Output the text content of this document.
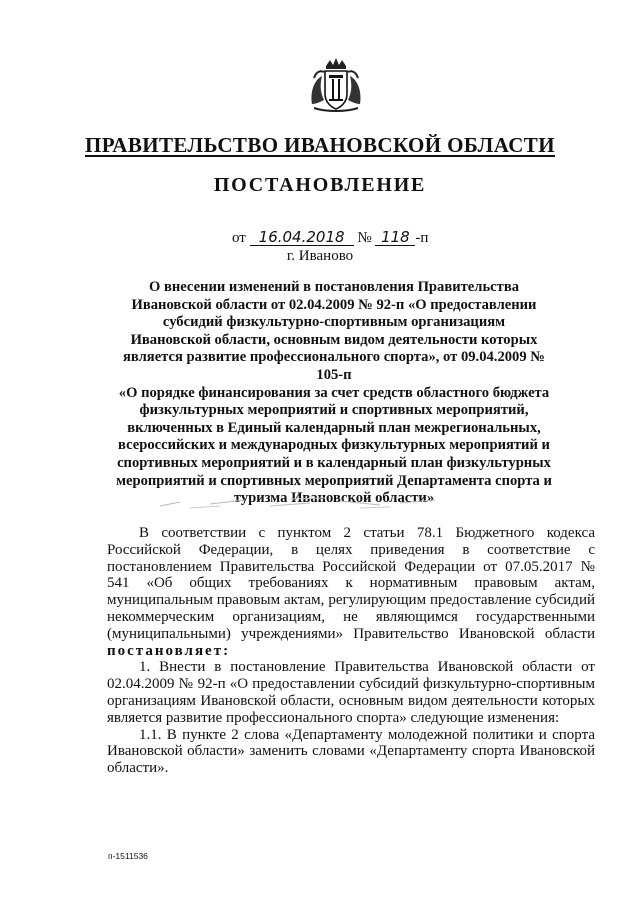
ПРАВИТЕЛЬСТВО ИВАНОВСКОЙ ОБЛАСТИ
ПОСТАНОВЛЕНИЕ
от 16.04.2018 № 118 -п
г. Иваново
О внесении изменений в постановления Правительства
Ивановской области от 02.04.2009 № 92-п «О предоставлении
субсидий физкультурно-спортивным организациям
Ивановской области, основным видом деятельности которых
является развитие профессионального спорта», от 09.04.2009 № 105-п
«О порядке финансирования за счет средств областного бюджета
физкультурных мероприятий и спортивных мероприятий,
включенных в Единый календарный план межрегиональных,
всероссийских и международных физкультурных мероприятий и
спортивных мероприятий и в календарный план физкультурных
мероприятий и спортивных мероприятий Департамента спорта и
туризма Ивановской области»

В соответствии с пунктом 2 статьи 78.1 Бюджетного кодекса Российской Федерации, в целях приведения в соответствие с постановлением Правительства Российской Федерации от 07.05.2017 № 541 «Об общих требованиях к нормативным правовым актам, муниципальным правовым актам, регулирующим предоставление субсидий некоммерческим организациям, не являющимся государственными (муниципальными) учреждениями» Правительство Ивановской области постановляет:

1. Внести в постановление Правительства Ивановской области от 02.04.2009 № 92-п «О предоставлении субсидий физкультурно-спортивным организациям Ивановской области, основным видом деятельности которых является развитие профессионального спорта» следующие изменения:

1.1. В пункте 2 слова «Департаменту молодежной политики и спорта Ивановской области» заменить словами «Департаменту спорта Ивановской области».

п-1511536
